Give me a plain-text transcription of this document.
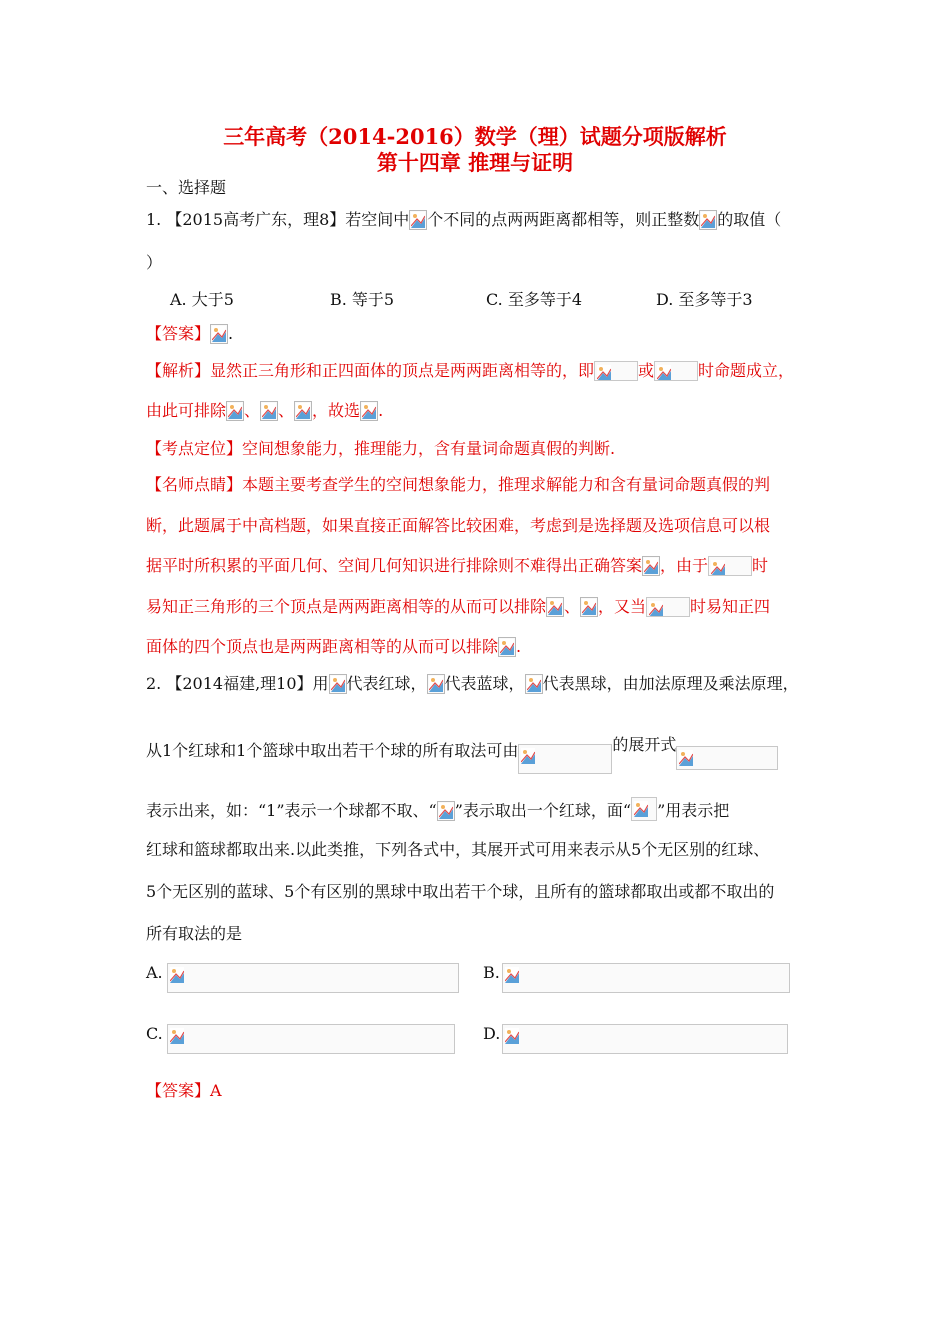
三年高考（2014-2016）数学（理）试题分项版解析
第十四章 推理与证明
一、选择题
1. 【2015高考广东，理8】若空间中 个不同的点两两距离都相等，则正整数 的取值（
）
A. 大于5	B. 等于5	C. 至多等于4	D. 至多等于3
【答案】 .
【解析】显然正三角形和正四面体的顶点是两两距离相等的，即	或	时命题成立，
由此可排除 、 、 ，故选 .
【考点定位】空间想象能力，推理能力，含有量词命题真假的判断.
【名师点睛】本题主要考查学生的空间想象能力，推理求解能力和含有量词命题真假的判
断，此题属于中高档题，如果直接正面解答比较困难，考虑到是选择题及选项信息可以根
据平时所积累的平面几何、空间几何知识进行排除则不难得出正确答案 ，由于	时
易知正三角形的三个顶点是两两距离相等的从而可以排除 、 ，又当	时易知正四
面体的四个顶点也是两两距离相等的从而可以排除 .
2. 【2014福建,理10】用 代表红球， 代表蓝球， 代表黑球，由加法原理及乘法原理，
从1个红球和1个篮球中取出若干个球的所有取法可由	的展开式
表示出来，如：“1”表示一个球都不取、“ ”表示取出一个红球，面“ ”用表示把
红球和篮球都取出来.以此类推，下列各式中，其展开式可用来表示从5个无区别的红球、
5个无区别的蓝球、5个有区别的黑球中取出若干个球，且所有的篮球都取出或都不取出的
所有取法的是
A.	B.
C.	D.
【答案】A
